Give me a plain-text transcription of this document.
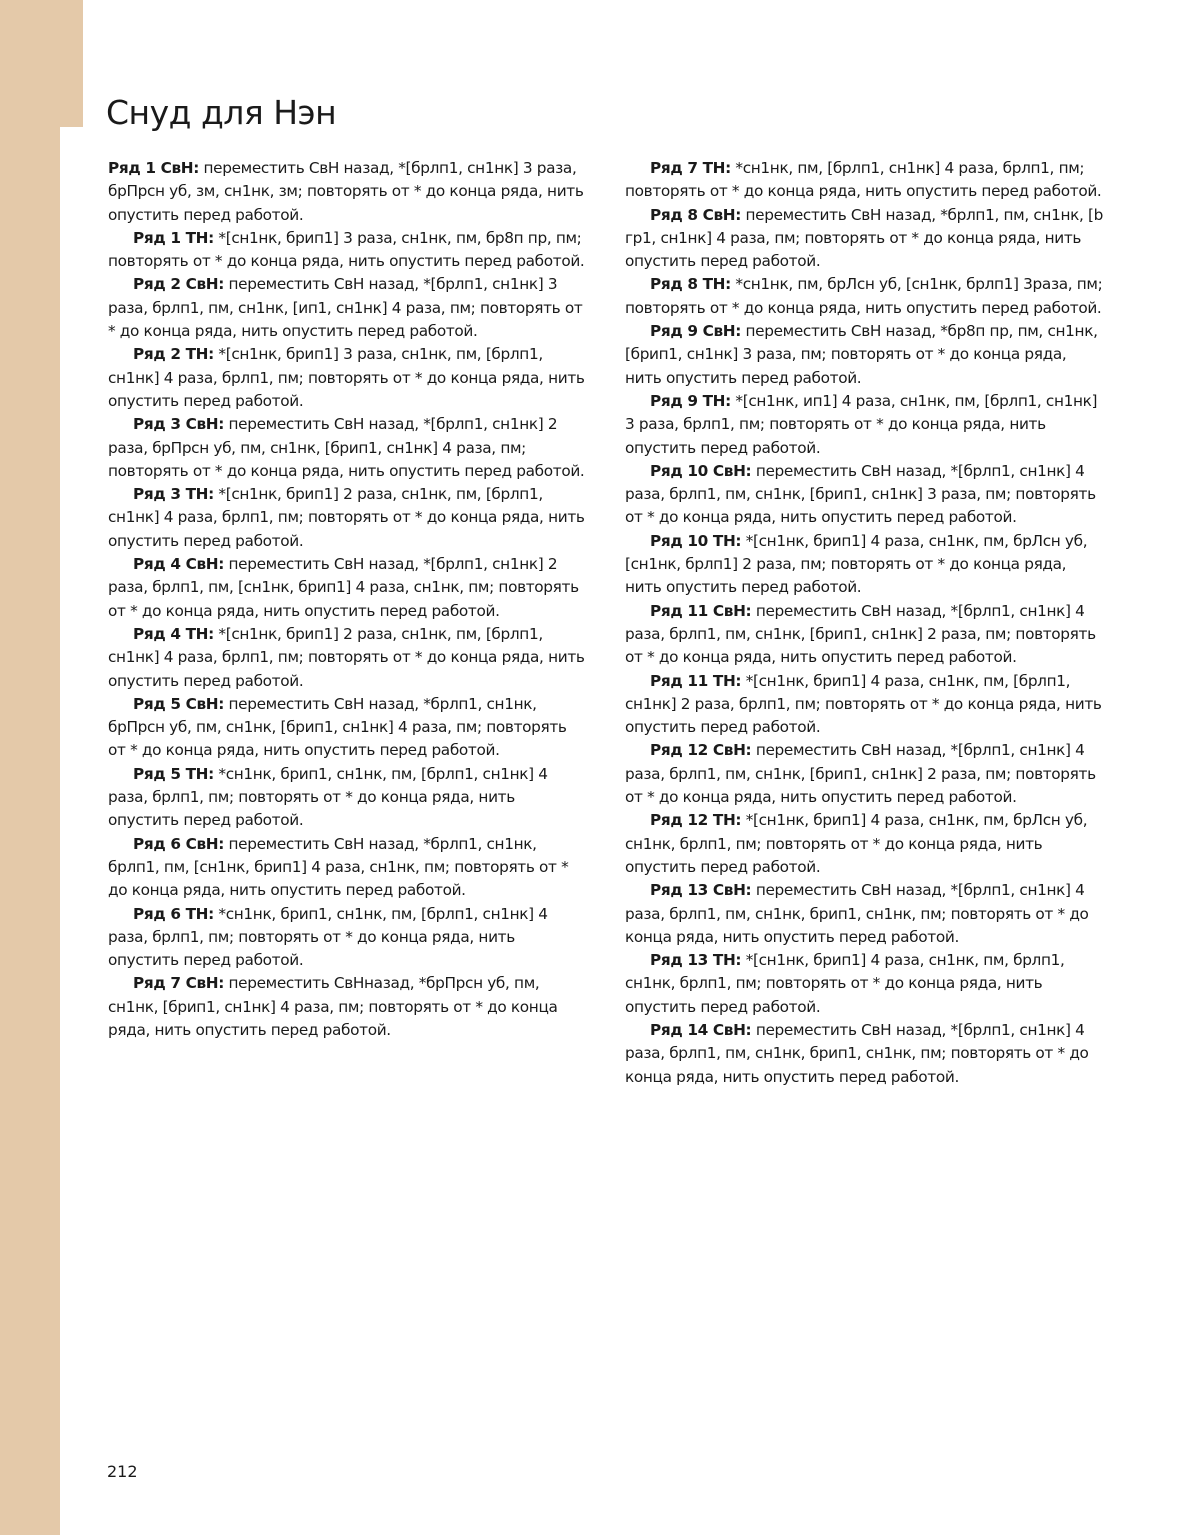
Снуд для Нэн

Ряд 1 СвН: переместить СвН назад, *[брлп1, сн1нк] 3 раза, брПрсн уб, зм, сн1нк, зм; повторять от * до конца ряда, нить опустить перед работой.

Ряд 1 ТН: *[сн1нк, брип1] 3 раза, сн1нк, пм, бр8п пр, пм; повторять от * до конца ряда, нить опустить перед работой.

Ряд 2 СвН: переместить СвН назад, *[брлп1, сн1нк] 3 раза, брлп1, пм, сн1нк, [ип1, сн1нк] 4 раза, пм; повторять от * до конца ряда, нить опустить перед работой.

Ряд 2 ТН: *[сн1нк, брип1] 3 раза, сн1нк, пм, [брлп1, сн1нк] 4 раза, брлп1, пм; повторять от * до конца ряда, нить опустить перед работой.

Ряд 3 СвН: переместить СвН назад, *[брлп1, сн1нк] 2 раза, брПрсн уб, пм, сн1нк, [брип1, сн1нк] 4 раза, пм; повторять от * до конца ряда, нить опустить перед работой.

Ряд 3 ТН: *[сн1нк, брип1] 2 раза, сн1нк, пм, [брлп1, сн1нк] 4 раза, брлп1, пм; повторять от * до конца ряда, нить опустить перед работой.

Ряд 4 СвН: переместить СвН назад, *[брлп1, сн1нк] 2 раза, брлп1, пм, [сн1нк, брип1] 4 раза, сн1нк, пм; повторять от * до конца ряда, нить опустить перед работой.

Ряд 4 ТН: *[сн1нк, брип1] 2 раза, сн1нк, пм, [брлп1, сн1нк] 4 раза, брлп1, пм; повторять от * до конца ряда, нить опустить перед работой.

Ряд 5 СвН: переместить СвН назад, *брлп1, сн1нк, брПрсн уб, пм, сн1нк, [брип1, сн1нк] 4 раза, пм; повторять от * до конца ряда, нить опустить перед работой.

Ряд 5 ТН: *сн1нк, брип1, сн1нк, пм, [брлп1, сн1нк] 4 раза, брлп1, пм; повторять от * до конца ряда, нить опустить перед работой.

Ряд 6 СвН: переместить СвН назад, *брлп1, сн1нк, брлп1, пм, [сн1нк, брип1] 4 раза, сн1нк, пм; повторять от * до конца ряда, нить опустить перед работой.

Ряд 6 ТН: *сн1нк, брип1, сн1нк, пм, [брлп1, сн1нк] 4 раза, брлп1, пм; повторять от * до конца ряда, нить опустить перед работой.

Ряд 7 СвН: переместить СвНназад, *брПрсн уб, пм, сн1нк, [брип1, сн1нк] 4 раза, пм; повторять от * до конца ряда, нить опустить перед работой.

Ряд 7 ТН: *сн1нк, пм, [брлп1, сн1нк] 4 раза, брлп1, пм; повторять от * до конца ряда, нить опустить перед работой.

Ряд 8 СвН: переместить СвН назад, *брлп1, пм, сн1нк, [b гр1, сн1нк] 4 раза, пм; повторять от * до конца ряда, нить опустить перед работой.

Ряд 8 ТН: *сн1нк, пм, брЛсн уб, [сн1нк, брлп1] 3раза, пм; повторять от * до конца ряда, нить опустить перед работой.

Ряд 9 СвН: переместить СвН назад, *бр8п пр, пм, сн1нк, [брип1, сн1нк] 3 раза, пм; повторять от * до конца ряда, нить опустить перед работой.

Ряд 9 ТН: *[сн1нк, ип1] 4 раза, сн1нк, пм, [брлп1, сн1нк] 3 раза, брлп1, пм; повторять от * до конца ряда, нить опустить перед работой.

Ряд 10 СвН: переместить СвН назад, *[брлп1, сн1нк] 4 раза, брлп1, пм, сн1нк, [брип1, сн1нк] 3 раза, пм; повторять от * до конца ряда, нить опустить перед работой.

Ряд 10 ТН: *[сн1нк, брип1] 4 раза, сн1нк, пм, брЛсн уб, [сн1нк, брлп1] 2 раза, пм; повторять от * до конца ряда, нить опустить перед работой.

Ряд 11 СвН: переместить СвН назад, *[брлп1, сн1нк] 4 раза, брлп1, пм, сн1нк, [брип1, сн1нк] 2 раза, пм; повторять от * до конца ряда, нить опустить перед работой.

Ряд 11 ТН: *[сн1нк, брип1] 4 раза, сн1нк, пм, [брлп1, сн1нк] 2 раза, брлп1, пм; повторять от * до конца ряда, нить опустить перед работой.

Ряд 12 СвН: переместить СвН назад, *[брлп1, сн1нк] 4 раза, брлп1, пм, сн1нк, [брип1, сн1нк] 2 раза, пм; повторять от * до конца ряда, нить опустить перед работой.

Ряд 12 ТН: *[сн1нк, брип1] 4 раза, сн1нк, пм, брЛсн уб, сн1нк, брлп1, пм; повторять от * до конца ряда, нить опустить перед работой.

Ряд 13 СвН: переместить СвН назад, *[брлп1, сн1нк] 4 раза, брлп1, пм, сн1нк, брип1, сн1нк, пм; повторять от * до конца ряда, нить опустить перед работой.

Ряд 13 ТН: *[сн1нк, брип1] 4 раза, сн1нк, пм, брлп1, сн1нк, брлп1, пм; повторять от * до конца ряда, нить опустить перед работой.

Ряд 14 СвН: переместить СвН назад, *[брлп1, сн1нк] 4 раза, брлп1, пм, сн1нк, брип1, сн1нк, пм; повторять от * до конца ряда, нить опустить перед работой.

212
